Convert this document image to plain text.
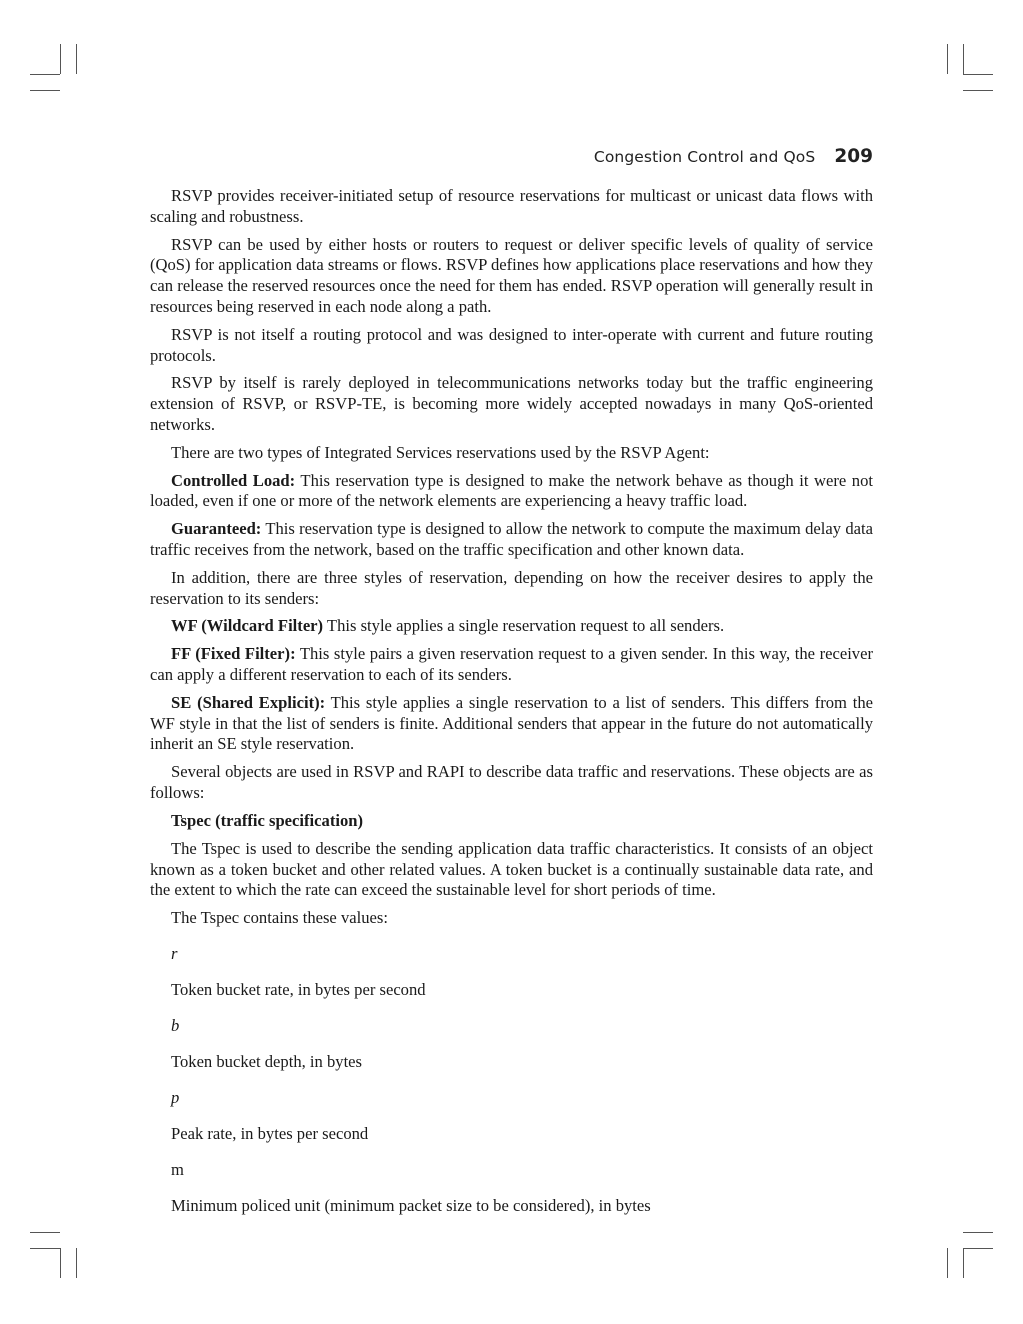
Congestion Control and QoS 209

RSVP provides receiver-initiated setup of resource reservations for multicast or unicast data flows with scaling and robustness.

RSVP can be used by either hosts or routers to request or deliver specific levels of quality of service (QoS) for application data streams or flows. RSVP defines how applications place reservations and how they can release the reserved resources once the need for them has ended. RSVP operation will generally result in resources being reserved in each node along a path.

RSVP is not itself a routing protocol and was designed to inter-operate with current and future routing protocols.

RSVP by itself is rarely deployed in telecommunications networks today but the traffic engineering extension of RSVP, or RSVP-TE, is becoming more widely accepted nowadays in many QoS-oriented networks.

There are two types of Integrated Services reservations used by the RSVP Agent:

Controlled Load: This reservation type is designed to make the network behave as though it were not loaded, even if one or more of the network elements are experiencing a heavy traffic load.

Guaranteed: This reservation type is designed to allow the network to compute the maximum delay data traffic receives from the network, based on the traffic specification and other known data.

In addition, there are three styles of reservation, depending on how the receiver desires to apply the reservation to its senders:

WF (Wildcard Filter) This style applies a single reservation request to all senders.

FF (Fixed Filter): This style pairs a given reservation request to a given sender. In this way, the receiver can apply a different reservation to each of its senders.

SE (Shared Explicit): This style applies a single reservation to a list of senders. This differs from the WF style in that the list of senders is finite. Additional senders that appear in the future do not automatically inherit an SE style reservation.

Several objects are used in RSVP and RAPI to describe data traffic and reservations. These objects are as follows:

Tspec (traffic specification)

The Tspec is used to describe the sending application data traffic characteristics. It consists of an object known as a token bucket and other related values. A token bucket is a continually sustainable data rate, and the extent to which the rate can exceed the sustainable level for short periods of time.

The Tspec contains these values:

r

Token bucket rate, in bytes per second

b

Token bucket depth, in bytes

p

Peak rate, in bytes per second

m

Minimum policed unit (minimum packet size to be considered), in bytes
